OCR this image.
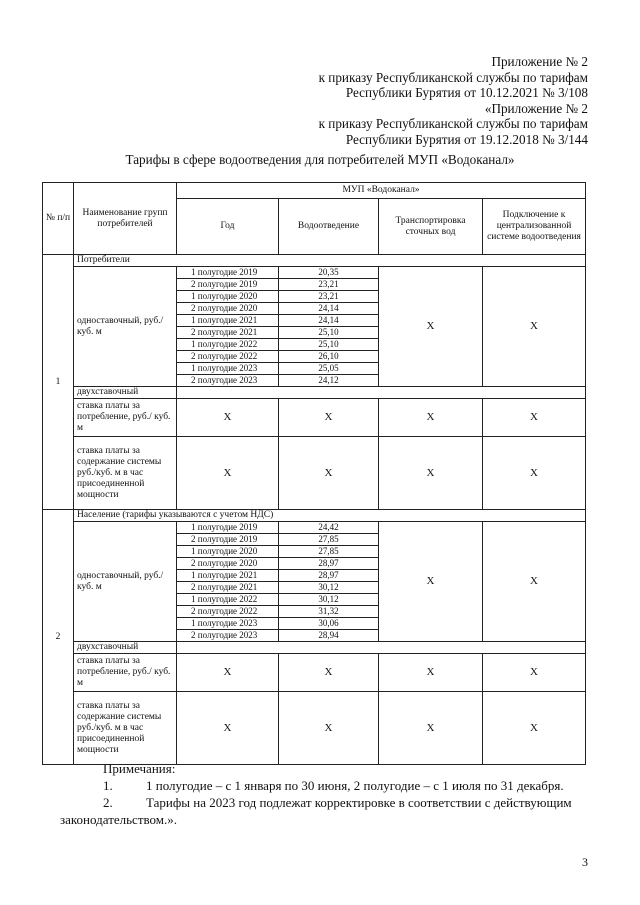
Приложение № 2
к приказу Республиканской службы по тарифам
Республики Бурятия от 10.12.2021 № 3/108
«Приложение № 2
к приказу Республиканской службы по тарифам
Республики Бурятия от 19.12.2018 № 3/144
Тарифы в сфере водоотведения для потребителей МУП «Водоканал»
№ п/п	Наименование групп потребителей	МУП «Водоканал»			
		Год	Водоотведение	Транспортировка сточных вод	Подключение к централизованной системе водоотведения
1	Потребители				
	одноставочный, руб./ куб. м	1 полугодие 2019	20,35	X	X
		2 полугодие 2019	23,21		
		1 полугодие 2020	23,21		
		2 полугодие 2020	24,14		
		1 полугодие 2021	24,14		
		2 полугодие 2021	25,10		
		1 полугодие 2022	25,10		
		2 полугодие 2022	26,10		
		1 полугодие 2023	25,05		
		2 полугодие 2023	24,12		
	двухставочный				
	ставка платы за потребление, руб./ куб. м	X	X	X	X
	ставка платы за содержание системы руб./куб. м в час присоединенной мощности	X	X	X	X
2	Население (тарифы указываются с учетом НДС)				
	одноставочный, руб./ куб. м	1 полугодие 2019	24,42	X	X
		2 полугодие 2019	27,85		
		1 полугодие 2020	27,85		
		2 полугодие 2020	28,97		
		1 полугодие 2021	28,97		
		2 полугодие 2021	30,12		
		1 полугодие 2022	30,12		
		2 полугодие 2022	31,32		
		1 полугодие 2023	30,06		
		2 полугодие 2023	28,94		
	двухставочный				
	ставка платы за потребление, руб./ куб. м	X	X	X	X
	ставка платы за содержание системы руб./куб. м в час присоединенной мощности	X	X	X	X
Примечания:
1.	1 полугодие – с 1 января по 30 июня, 2 полугодие – с 1 июля по 31 декабря.
2.	Тарифы на 2023 год подлежат корректировке в соответствии с действующим
законодательством.».
3
